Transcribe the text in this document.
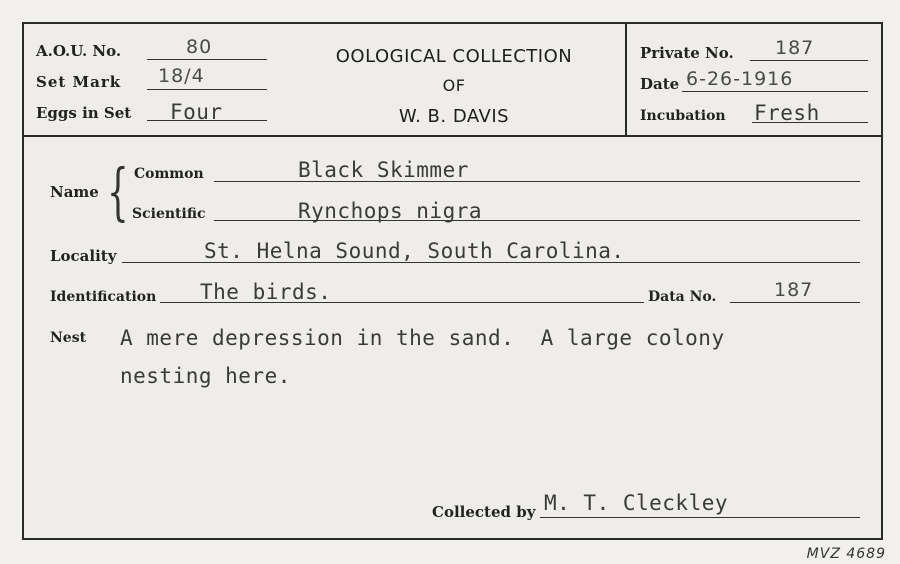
OOLOGICAL COLLECTION
OF
W. B. DAVIS
A.O.U. No.	80
Set Mark 18/4
Eggs in Set Four
Private No. 187
Date 6-26-1916
Incubation Fresh
Name { Common	Black Skimmer
Scientific	Rynchops nigra
Locality	St. Helna Sound, South Carolina.
Identification The birds.	Data No.	187
Nest A mere depression in the sand.  A large colony
nesting here.
Collected by M. T. Cleckley
MVZ 4689
